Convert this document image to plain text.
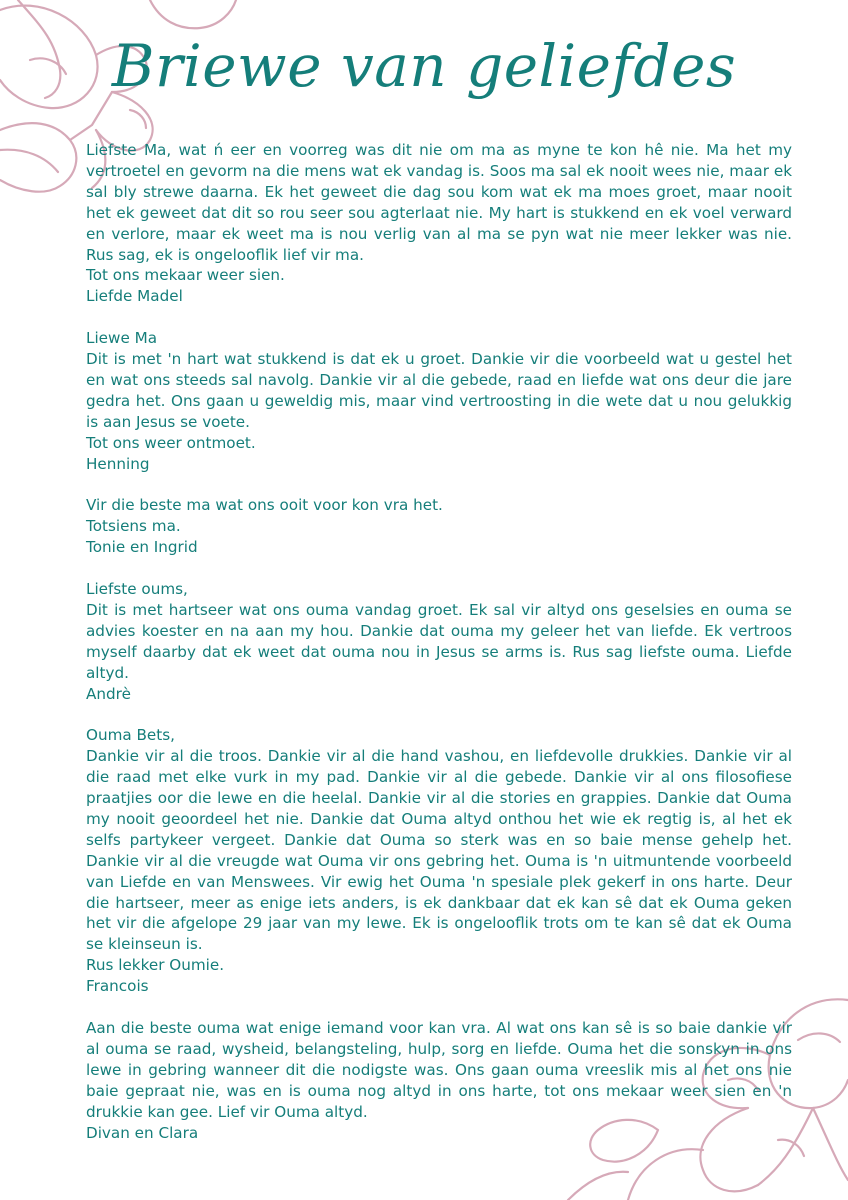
Briewe van geliefdes

Liefste Ma, wat ń eer en voorreg was dit nie om ma as myne te kon hê nie. Ma het my vertroetel en gevorm na die mens wat ek vandag is. Soos ma sal ek nooit wees nie, maar ek sal bly strewe daarna. Ek het geweet die dag sou kom wat ek ma moes groet, maar nooit het ek geweet dat dit so rou seer sou agterlaat nie. My hart is stukkend en ek voel verward en verlore, maar ek weet ma is nou verlig van al ma se pyn wat nie meer lekker was nie. Rus sag, ek is ongelooflik lief vir ma.

Tot ons mekaar weer sien.

Liefde Madel

Liewe Ma

Dit is met 'n hart wat stukkend is dat ek u groet. Dankie vir die voorbeeld wat u gestel het en wat ons steeds sal navolg. Dankie vir al die gebede, raad en liefde wat ons deur die jare gedra het. Ons gaan u geweldig mis, maar vind vertroosting in die wete dat u nou gelukkig is aan Jesus se voete.

Tot ons weer ontmoet.

Henning

Vir die beste ma wat ons ooit voor kon vra het.

Totsiens ma.

Tonie en Ingrid

Liefste oums,

Dit is met hartseer wat ons ouma vandag groet. Ek sal vir altyd ons geselsies en ouma se advies koester en na aan my hou. Dankie dat ouma my geleer het van liefde. Ek vertroos myself daarby dat ek weet dat ouma nou in Jesus se arms is. Rus sag liefste ouma. Liefde altyd.

Andrè

Ouma Bets,

Dankie vir al die troos. Dankie vir al die hand vashou, en liefdevolle drukkies. Dankie vir al die raad met elke vurk in my pad. Dankie vir al die gebede. Dankie vir al ons filosofiese praatjies oor die lewe en die heelal. Dankie vir al die stories en grappies. Dankie dat Ouma my nooit geoordeel het nie. Dankie dat Ouma altyd onthou het wie ek regtig is, al het ek selfs partykeer vergeet. Dankie dat Ouma so sterk was en so baie mense gehelp het. Dankie vir al die vreugde wat Ouma vir ons gebring het. Ouma is 'n uitmuntende voorbeeld van Liefde en van Menswees. Vir ewig het Ouma 'n spesiale plek gekerf in ons harte. Deur die hartseer, meer as enige iets anders, is ek dankbaar dat ek kan sê dat ek Ouma geken het vir die afgelope 29 jaar van my lewe. Ek is ongelooflik trots om te kan sê dat ek Ouma se kleinseun is.

Rus lekker Oumie.

Francois

Aan die beste ouma wat enige iemand voor kan vra. Al wat ons kan sê is so baie dankie vir al ouma se raad, wysheid, belangsteling, hulp, sorg en liefde. Ouma het die sonskyn in ons lewe in gebring wanneer dit die nodigste was. Ons gaan ouma vreeslik mis al het ons nie baie gepraat nie, was en is ouma nog altyd in ons harte, tot ons mekaar weer sien en 'n drukkie kan gee. Lief vir Ouma altyd.

Divan en Clara
